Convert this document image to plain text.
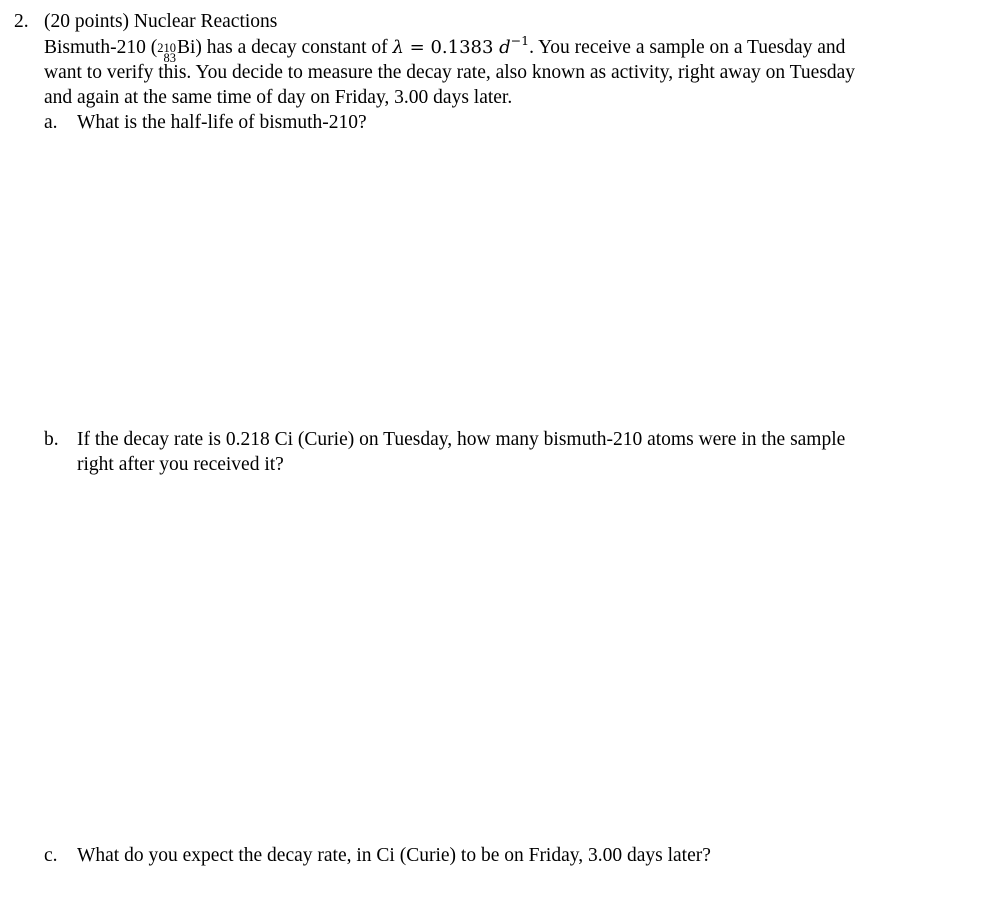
2. (20 points) Nuclear Reactions
Bismuth-210 ( 210
83 Bi) has a decay constant of λ = 0.1383 $d^{-1}$. You receive a sample on a Tuesday and
want to verify this. You decide to measure the decay rate, also known as activity, right away on Tuesday
and again at the same time of day on Friday, 3.00 days later.
a. What is the half-life of bismuth-210?
b. If the decay rate is 0.218 Ci (Curie) on Tuesday, how many bismuth-210 atoms were in the sample
right after you received it?
c. What do you expect the decay rate, in Ci (Curie) to be on Friday, 3.00 days later?
